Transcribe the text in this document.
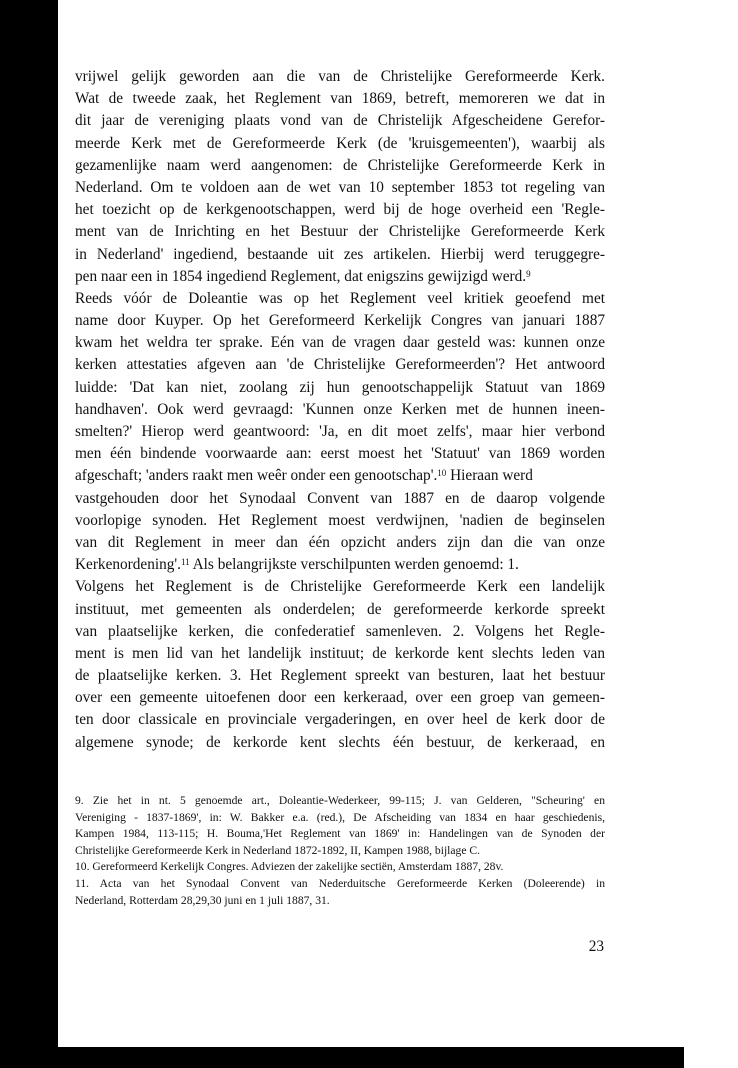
vrijwel gelijk geworden aan die van de Christelijke Gereformeerde Kerk.
Wat de tweede zaak, het Reglement van 1869, betreft, memoreren we dat in
dit jaar de vereniging plaats vond van de Christelijk Afgescheidene Gerefor-
meerde Kerk met de Gereformeerde Kerk (de 'kruisgemeenten'), waarbij als
gezamenlijke naam werd aangenomen: de Christelijke Gereformeerde Kerk in
Nederland. Om te voldoen aan de wet van 10 september 1853 tot regeling van
het toezicht op de kerkgenootschappen, werd bij de hoge overheid een 'Regle-
ment van de Inrichting en het Bestuur der Christelijke Gereformeerde Kerk
in Nederland' ingediend, bestaande uit zes artikelen. Hierbij werd teruggegre-
pen naar een in 1854 ingediend Reglement, dat enigszins gewijzigd werd.$^9$
Reeds vóór de Doleantie was op het Reglement veel kritiek geoefend met
name door Kuyper. Op het Gereformeerd Kerkelijk Congres van januari 1887
kwam het weldra ter sprake. Eén van de vragen daar gesteld was: kunnen onze
kerken attestaties afgeven aan 'de Christelijke Gereformeerden'? Het antwoord
luidde: 'Dat kan niet, zoolang zij hun genootschappelijk Statuut van 1869
handhaven'. Ook werd gevraagd: 'Kunnen onze Kerken met de hunnen ineen-
smelten?' Hierop werd geantwoord: 'Ja, en dit moet zelfs', maar hier verbond
men één bindende voorwaarde aan: eerst moest het 'Statuut' van 1869 worden
afgeschaft; 'anders raakt men weêr onder een genootschap'.$^{10}$ Hieraan werd
vastgehouden door het Synodaal Convent van 1887 en de daarop volgende
voorlopige synoden. Het Reglement moest verdwijnen, 'nadien de beginselen
van dit Reglement in meer dan één opzicht anders zijn dan die van onze
Kerkenordening'.$^{11}$ Als belangrijkste verschilpunten werden genoemd: 1.
Volgens het Reglement is de Christelijke Gereformeerde Kerk een landelijk
instituut, met gemeenten als onderdelen; de gereformeerde kerkorde spreekt
van plaatselijke kerken, die confederatief samenleven. 2. Volgens het Regle-
ment is men lid van het landelijk instituut; de kerkorde kent slechts leden van
de plaatselijke kerken. 3. Het Reglement spreekt van besturen, laat het bestuur
over een gemeente uitoefenen door een kerkeraad, over een groep van gemeen-
ten door classicale en provinciale vergaderingen, en over heel de kerk door de
algemene synode; de kerkorde kent slechts één bestuur, de kerkeraad, en
9. Zie het in nt. 5 genoemde art., Doleantie-Wederkeer, 99-115; J. van Gelderen, "Scheuring' en
Vereniging - 1837-1869', in: W. Bakker e.a. (red.), De Afscheiding van 1834 en haar geschiedenis,
Kampen 1984, 113-115; H. Bouma,'Het Reglement van 1869' in: Handelingen van de Synoden der
Christelijke Gereformeerde Kerk in Nederland 1872-1892, II, Kampen 1988, bijlage C.
10. Gereformeerd Kerkelijk Congres. Adviezen der zakelijke sectiën, Amsterdam 1887, 28v.
11. Acta van het Synodaal Convent van Nederduitsche Gereformeerde Kerken (Doleerende) in
Nederland, Rotterdam 28,29,30 juni en 1 juli 1887, 31.
23
